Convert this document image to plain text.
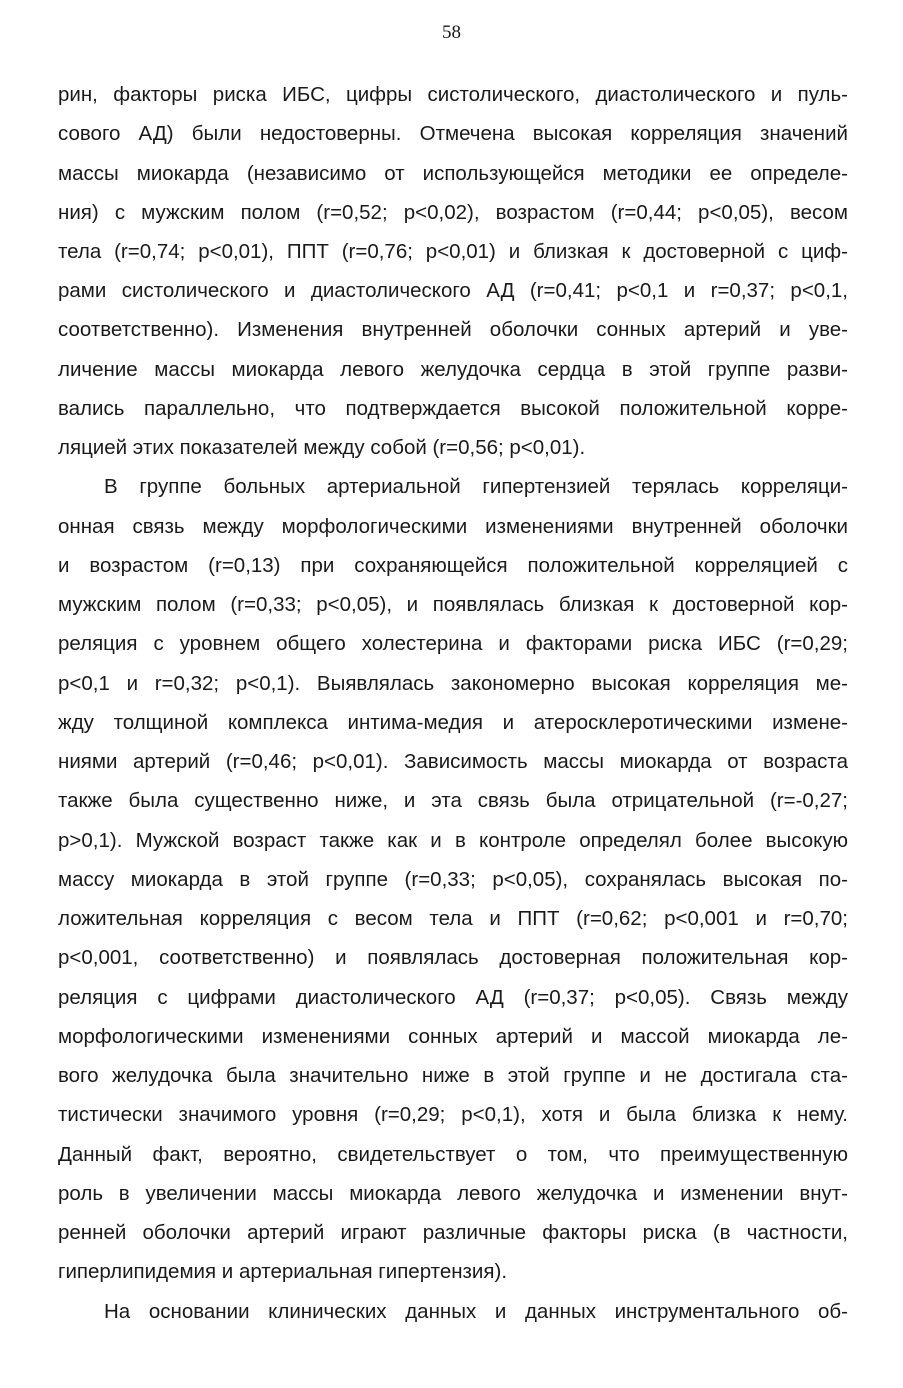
58
рин, факторы риска ИБС, цифры систолического, диастолического и пуль-
сового АД) были недостоверны. Отмечена высокая корреляция значений
массы миокарда (независимо от использующейся методики ее определе-
ния) с мужским полом (r=0,52; p<0,02), возрастом (r=0,44; p<0,05), весом
тела (r=0,74; p<0,01), ППТ (r=0,76; p<0,01) и близкая к достоверной с циф-
рами систолического и диастолического АД (r=0,41; p<0,1 и r=0,37; p<0,1,
соответственно). Изменения внутренней оболочки сонных артерий и уве-
личение массы миокарда левого желудочка сердца в этой группе разви-
вались параллельно, что подтверждается высокой положительной корре-
ляцией этих показателей между собой (r=0,56; p<0,01).
В группе больных артериальной гипертензией терялась корреляци-
онная связь между морфологическими изменениями внутренней оболочки
и возрастом (r=0,13) при сохраняющейся положительной корреляцией с
мужским полом (r=0,33; p<0,05), и появлялась близкая к достоверной кор-
реляция с уровнем общего холестерина и факторами риска ИБС (r=0,29;
p<0,1 и r=0,32; p<0,1). Выявлялась закономерно высокая корреляция ме-
жду толщиной комплекса интима-медия и атеросклеротическими измене-
ниями артерий (r=0,46; p<0,01). Зависимость массы миокарда от возраста
также была существенно ниже, и эта связь была отрицательной (r=-0,27;
p>0,1). Мужской возраст также как и в контроле определял более высокую
массу миокарда в этой группе (r=0,33; p<0,05), сохранялась высокая по-
ложительная корреляция с весом тела и ППТ (r=0,62; p<0,001 и r=0,70;
p<0,001, соответственно) и появлялась достоверная положительная кор-
реляция с цифрами диастолического АД (r=0,37; p<0,05). Связь между
морфологическими изменениями сонных артерий и массой миокарда ле-
вого желудочка была значительно ниже в этой группе и не достигала ста-
тистически значимого уровня (r=0,29; p<0,1), хотя и была близка к нему.
Данный факт, вероятно, свидетельствует о том, что преимущественную
роль в увеличении массы миокарда левого желудочка и изменении внут-
ренней оболочки артерий играют различные факторы риска (в частности,
гиперлипидемия и артериальная гипертензия).
На основании клинических данных и данных инструментального об-
